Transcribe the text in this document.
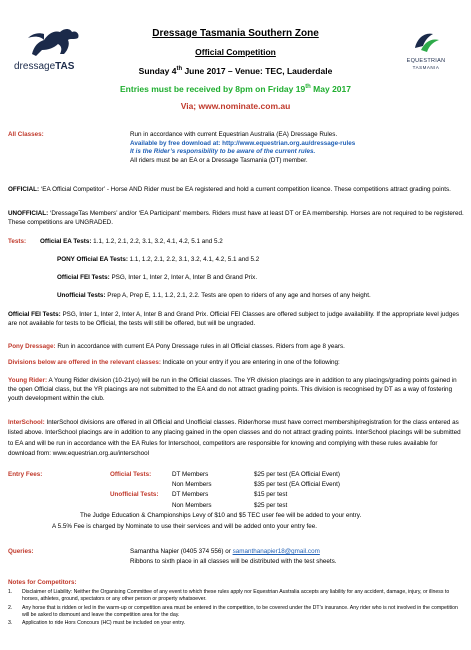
dressageTAS	EQUESTRIAN
TASMANIA
Dressage Tasmania Southern Zone
Official Competition
Sunday 4th June 2017 – Venue: TEC, Lauderdale
Entries must be received by 8pm on Friday 19th May 2017
Via; www.nominate.com.au
All Classes:	Run in accordance with current Equestrian Australia (EA) Dressage Rules.
Available by free download at: http://www.equestrian.org.au/dressage-rules
It is the Rider’s responsibility to be aware of the current rules.
All riders must be an EA or a Dressage Tasmania (DT) member.
OFFICIAL: ‘EA Official Competitor’ - Horse AND Rider must be EA registered and hold a current competition licence. These competitions attract grading points.
UNOFFICIAL: ‘DressageTas Members’ and/or ‘EA Participant’ members. Riders must have at least DT or EA membership. Horses are not required to be registered. These competitions are UNGRADED.
Tests: Official EA Tests: 1.1, 1.2, 2.1, 2.2, 3.1, 3.2, 4.1, 4.2, 5.1 and 5.2
PONY Official EA Tests: 1.1, 1.2, 2.1, 2.2, 3.1, 3.2, 4.1, 4.2, 5.1 and 5.2
Official FEI Tests: PSG, Inter 1, Inter 2, Inter A, Inter B and Grand Prix.
Unofficial Tests: Prep A, Prep E, 1.1, 1.2, 2.1, 2.2. Tests are open to riders of any age and horses of any height.
Official FEI Tests: PSG, Inter 1, Inter 2, Inter A, Inter B and Grand Prix. Official FEI Classes are offered subject to judge availability. If the appropriate level judges are not available for tests to be Official, the tests will still be offered, but will be ungraded.
Pony Dressage: Run in accordance with current EA Pony Dressage rules in all Official classes. Riders from age 8 years.
Divisions below are offered in the relevant classes: Indicate on your entry if you are entering in one of the following:
Young Rider: A Young Rider division (10-21yo) will be run in the Official classes. The YR division placings are in addition to any placings/grading points gained in the open Official class, but the YR placings are not submitted to the EA and do not attract grading points. This division is recognised by DT as a way of fostering youth development within the club.
InterSchool: InterSchool divisions are offered in all Official and Unofficial classes. Rider/horse must have correct membership/registration for the class entered as listed above. InterSchool placings are in addition to any placing gained in the open classes and do not attract grading points. InterSchool placings will be submitted to EA and will be run in accordance with the EA Rules for Interschool, competitors are responsible for knowing and complying with these rules available for download from: www.equestrian.org.au/interschool
Entry Fees:	Official Tests:	DT Members	$25 per test (EA Official Event)
Non Members	$35 per test (EA Official Event)
Unofficial Tests: DT Members	$15 per test
Non Members	$25 per test
The Judge Education & Championships Levy of $10 and $5 TEC user fee will be added to your entry.
A 5.5% Fee is charged by Nominate to use their services and will be added onto your entry fee.
Queries:	Samantha Napier (0405 374 556) or samanthanapier18@gmail.com
Ribbons to sixth place in all classes will be distributed with the test sheets.
Notes for Competitors:
1.	Disclaimer of Liability: Neither the Organising Committee of any event to which these rules apply nor Equestrian Australia accepts any liability for any accident, damage, injury, or illness to horses, athletes, ground, spectators or any other person or property whatsoever.
2.	Any horse that is ridden or led in the warm-up or competition area must be entered in the competition, to be covered under the DT’s insurance. Any rider who is not involved in the competition will be asked to dismount and leave the competition area for the day.
3.	Application to ride Hors Concours (HC) must be included on your entry.
